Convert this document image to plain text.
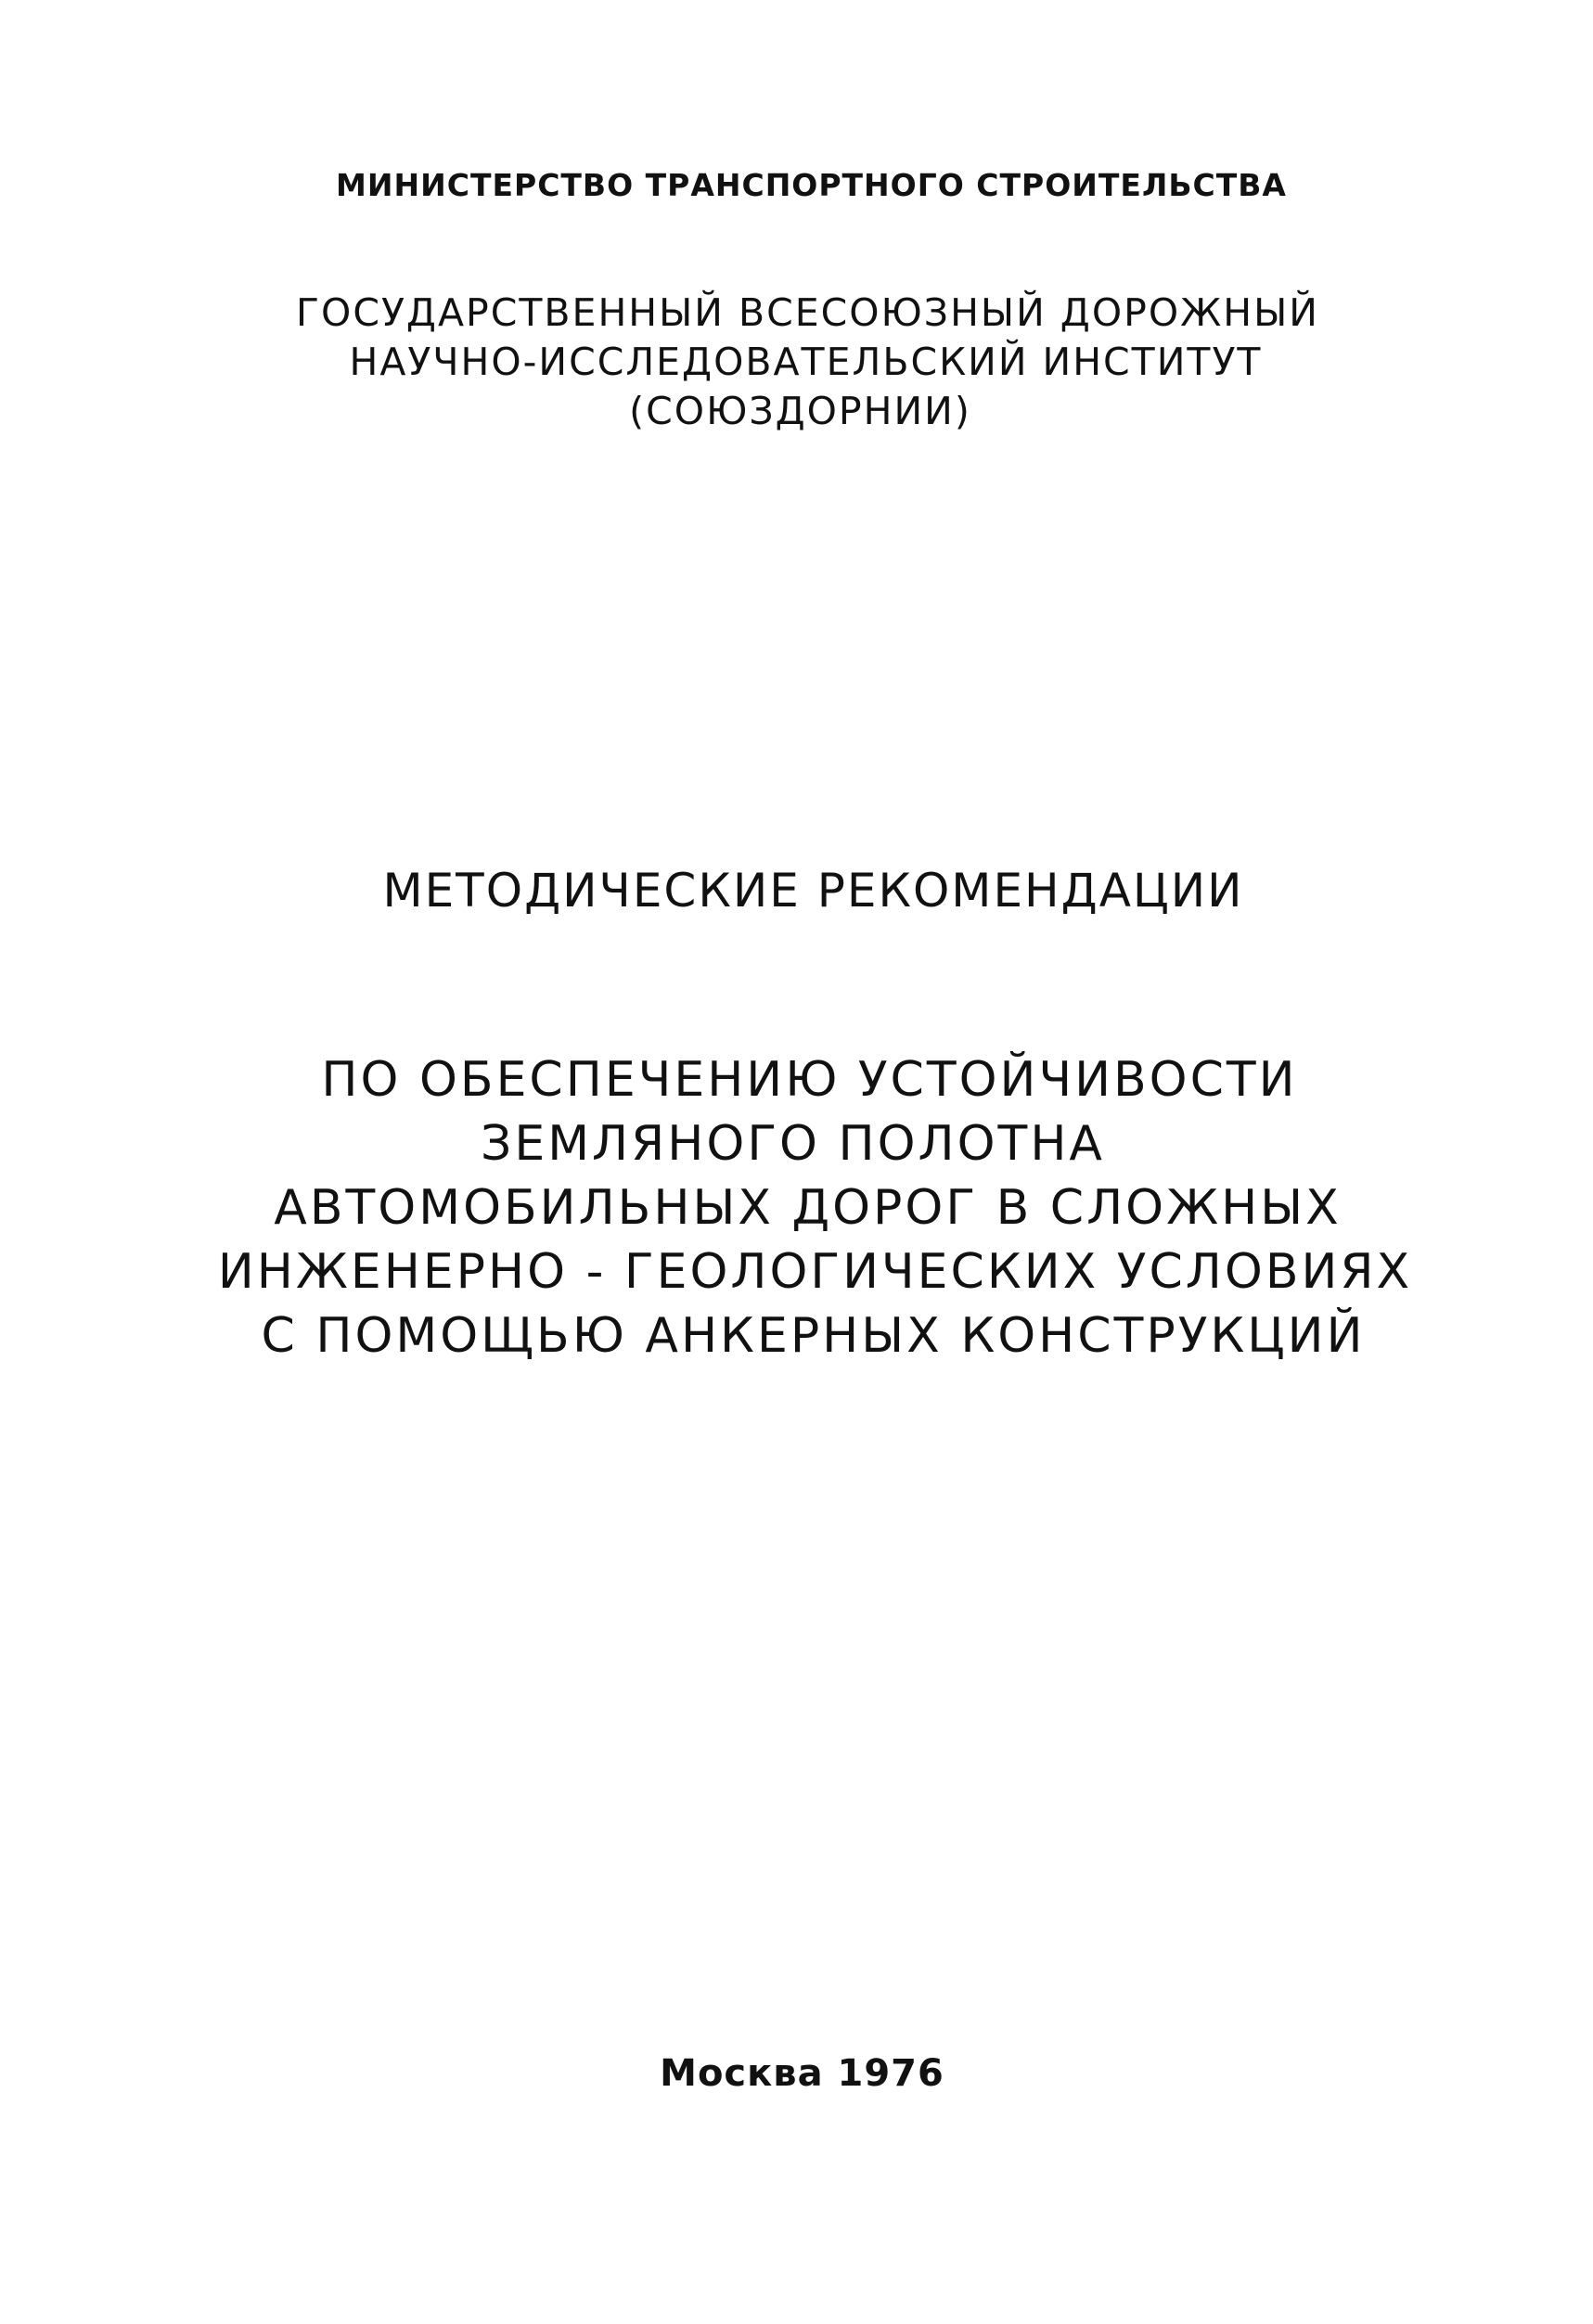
МИНИСТЕРСТВО ТРАНСПОРТНОГО СТРОИТЕЛЬСТВА
ГОСУДАРСТВЕННЫЙ ВСЕСОЮЗНЫЙ ДОРОЖНЫЙ
НАУЧНО-ИССЛЕДОВАТЕЛЬСКИЙ ИНСТИТУТ
(СОЮЗДОРНИИ)
МЕТОДИЧЕСКИЕ РЕКОМЕНДАЦИИ
ПО ОБЕСПЕЧЕНИЮ УСТОЙЧИВОСТИ
ЗЕМЛЯНОГО ПОЛОТНА
АВТОМОБИЛЬНЫХ ДОРОГ В СЛОЖНЫХ
ИНЖЕНЕРНО - ГЕОЛОГИЧЕСКИХ УСЛОВИЯХ
С ПОМОЩЬЮ АНКЕРНЫХ КОНСТРУКЦИЙ
Москва 1976
